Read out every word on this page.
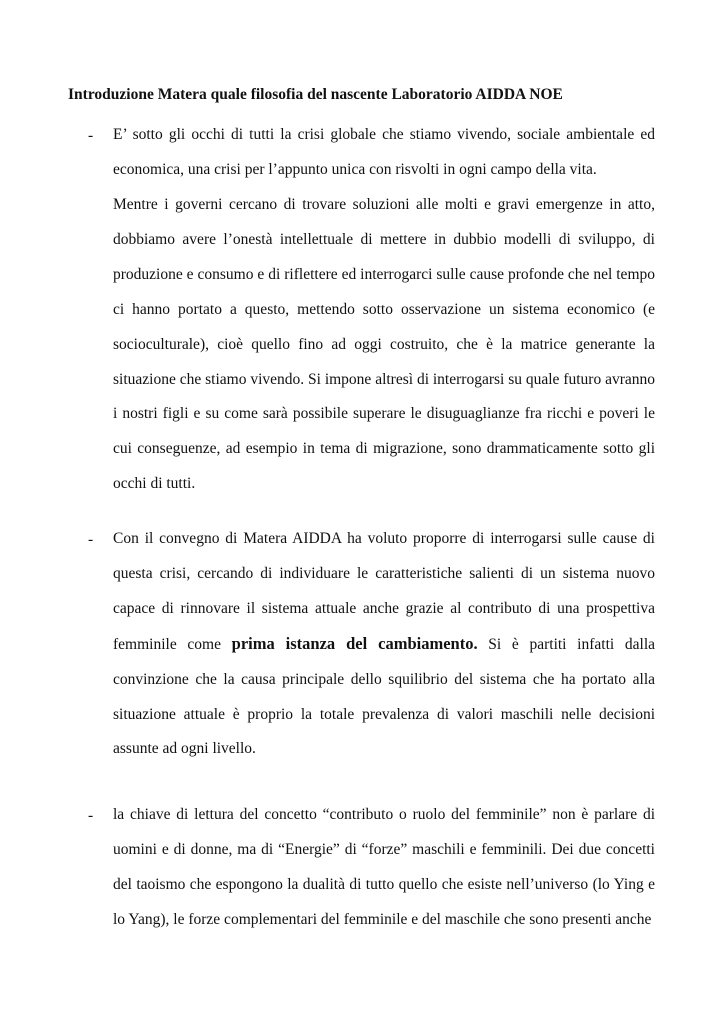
Introduzione Matera quale filosofia del nascente Laboratorio AIDDA NOE
- E’ sotto gli occhi di tutti la crisi globale che stiamo vivendo, sociale ambientale ed economica, una crisi per l’appunto unica con risvolti in ogni campo della vita.

Mentre i governi cercano di trovare soluzioni alle molti e gravi emergenze in atto, dobbiamo avere l’onestà intellettuale di mettere in dubbio modelli di sviluppo, di produzione e consumo e di riflettere ed interrogarci sulle cause profonde che nel tempo ci hanno portato a questo, mettendo sotto osservazione un sistema economico (e socioculturale), cioè quello fino ad oggi costruito, che è la matrice generante la situazione che stiamo vivendo. Si impone altresì di interrogarsi su quale futuro avranno i nostri figli e su come sarà possibile superare le disuguaglianze fra ricchi e poveri le cui conseguenze, ad esempio in tema di migrazione, sono drammaticamente sotto gli occhi di tutti.

- Con il convegno di Matera AIDDA ha voluto proporre di interrogarsi sulle cause di questa crisi, cercando di individuare le caratteristiche salienti di un sistema nuovo capace di rinnovare il sistema attuale anche grazie al contributo di una prospettiva femminile come prima istanza del cambiamento. Si è partiti infatti dalla convinzione che la causa principale dello squilibrio del sistema che ha portato alla situazione attuale è proprio la totale prevalenza di valori maschili nelle decisioni assunte ad ogni livello.

- la chiave di lettura del concetto “contributo o ruolo del femminile” non è parlare di uomini e di donne, ma di “Energie” di “forze” maschili e femminili. Dei due concetti del taoismo che espongono la dualità di tutto quello che esiste nell’universo (lo Ying e lo Yang), le forze complementari del femminile e del maschile che sono presenti anche
